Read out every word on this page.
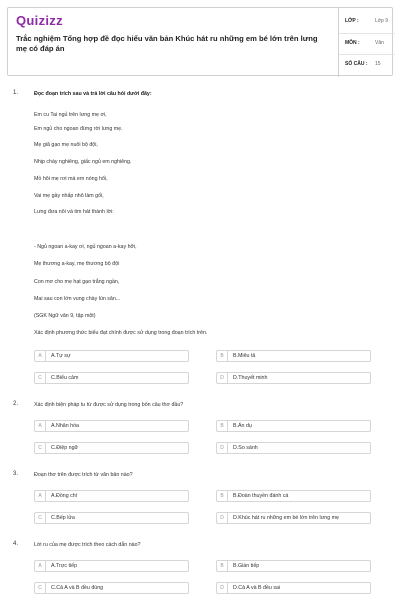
Quizizz
Trắc nghiệm Tổng hợp đề đọc hiểu văn bản Khúc hát ru những em bé lớn trên lưng mẹ có đáp án
LỚP :	Lớp 9
MÔN :	Văn
SỐ CÂU : 15
1.	Đọc đoạn trích sau và trả lời câu hỏi dưới đây:
Em cu Tai ngủ trên lưng mẹ ơi,
Em ngủ cho ngoan đừng rời lưng mẹ.
Mẹ giã gạo mẹ nuôi bộ đội,
Nhịp chày nghiêng, giấc ngủ em nghiêng.
Mồ hôi mẹ rơi má em nóng hổi,
Vai mẹ gầy nhấp nhô làm gối,
Lưng đưa nôi và tim hát thành lời:
- Ngủ ngoan a-kay ơi, ngủ ngoan a-kay hỡi,
Mẹ thương a-kay, mẹ thương bộ đội
Con mơ cho mẹ hạt gạo trắng ngần,
Mai sau con lớn vung chày lún sân...
(SGK Ngữ văn 9, tập một)
Xác định phương thức biểu đạt chính được sử dụng trong đoạn trích trên.
A	A.Tự sự	B	B.Miêu tả
C	C.Biểu cảm	D	D.Thuyết minh
2.	Xác định biện pháp tu từ được sử dụng trong bốn câu thơ đầu?
A	A.Nhân hóa	B	B.Ẩn dụ
C	C.Điệp ngữ	D	D.So sánh
3.	Đoạn thơ trên được trích từ văn bản nào?
A	A.Đồng chí	B	B.Đoàn thuyền đánh cá
C	C.Bếp lửa	D	D.Khúc hát ru những em bé lớn trên lưng mẹ
4.	Lời ru của mẹ được trích theo cách dẫn nào?
A	A.Trực tiếp	B	B.Gián tiếp
C	C.Cả A và B đều đúng	D	D.Cả A và B đều sai
